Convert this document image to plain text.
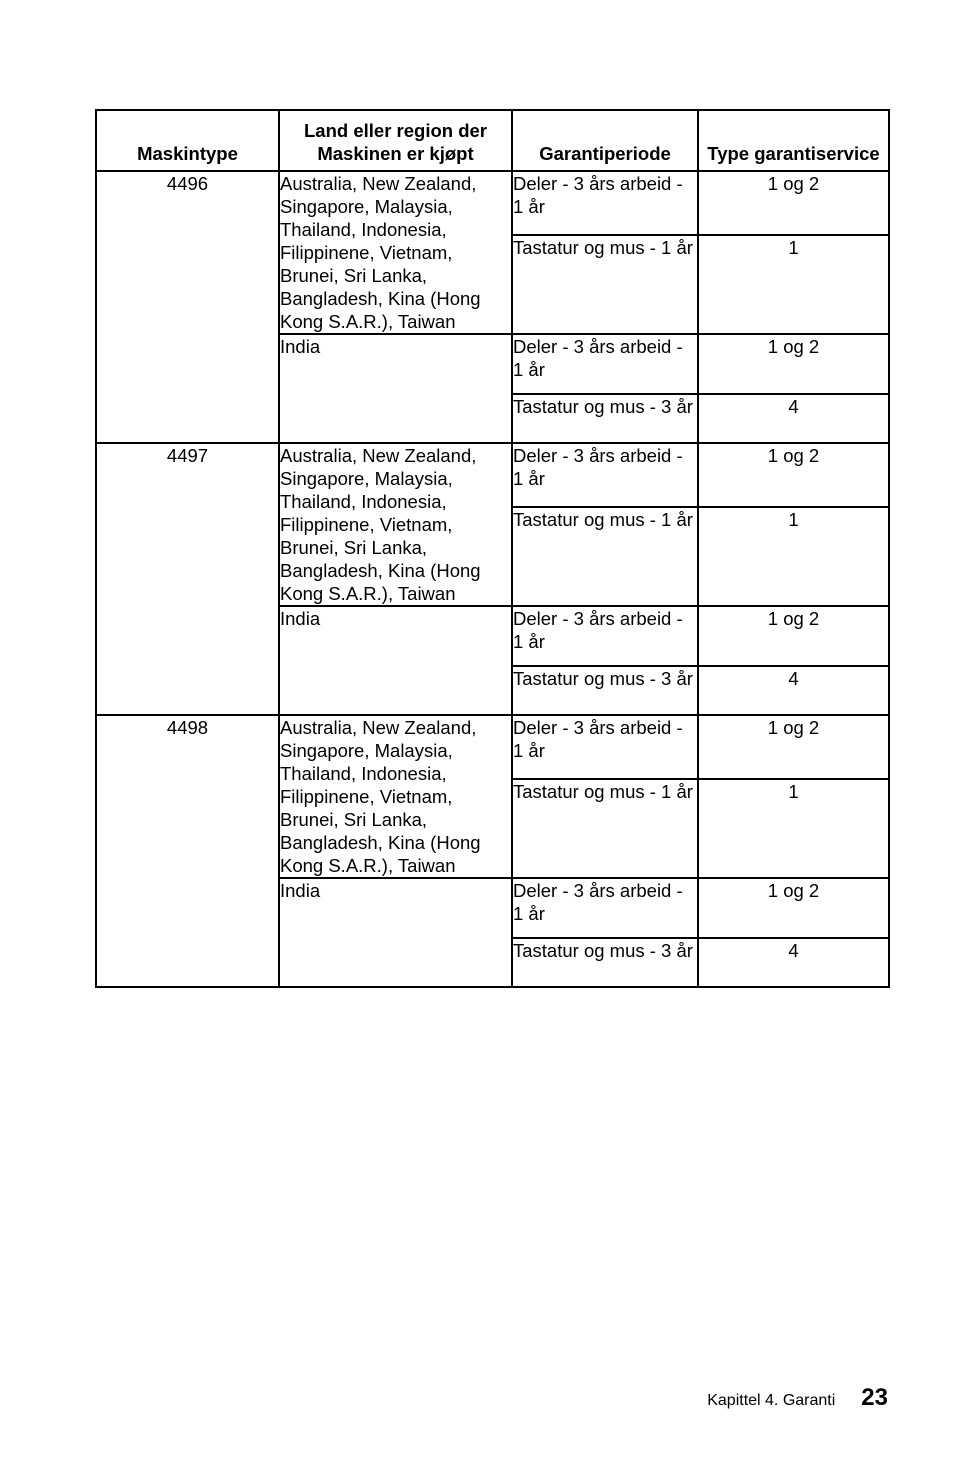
Maskintype	Land eller region der Maskinen er kjøpt	Garantiperiode	Type garantiservice
4496	Australia, New Zealand, Singapore, Malaysia, Thailand, Indonesia, Filippinene, Vietnam, Brunei, Sri Lanka, Bangladesh, Kina (Hong Kong S.A.R.), Taiwan	Deler - 3 års arbeid - 1 år	1 og 2
		Tastatur og mus - 1 år	1
	India	Deler - 3 års arbeid - 1 år	1 og 2
		Tastatur og mus - 3 år	4
4497	Australia, New Zealand, Singapore, Malaysia, Thailand, Indonesia, Filippinene, Vietnam, Brunei, Sri Lanka, Bangladesh, Kina (Hong Kong S.A.R.), Taiwan	Deler - 3 års arbeid - 1 år	1 og 2
		Tastatur og mus - 1 år	1
	India	Deler - 3 års arbeid - 1 år	1 og 2
		Tastatur og mus - 3 år	4
4498	Australia, New Zealand, Singapore, Malaysia, Thailand, Indonesia, Filippinene, Vietnam, Brunei, Sri Lanka, Bangladesh, Kina (Hong Kong S.A.R.), Taiwan	Deler - 3 års arbeid - 1 år	1 og 2
		Tastatur og mus - 1 år	1
	India	Deler - 3 års arbeid - 1 år	1 og 2
		Tastatur og mus - 3 år	4
Kapittel 4. Garanti 23
